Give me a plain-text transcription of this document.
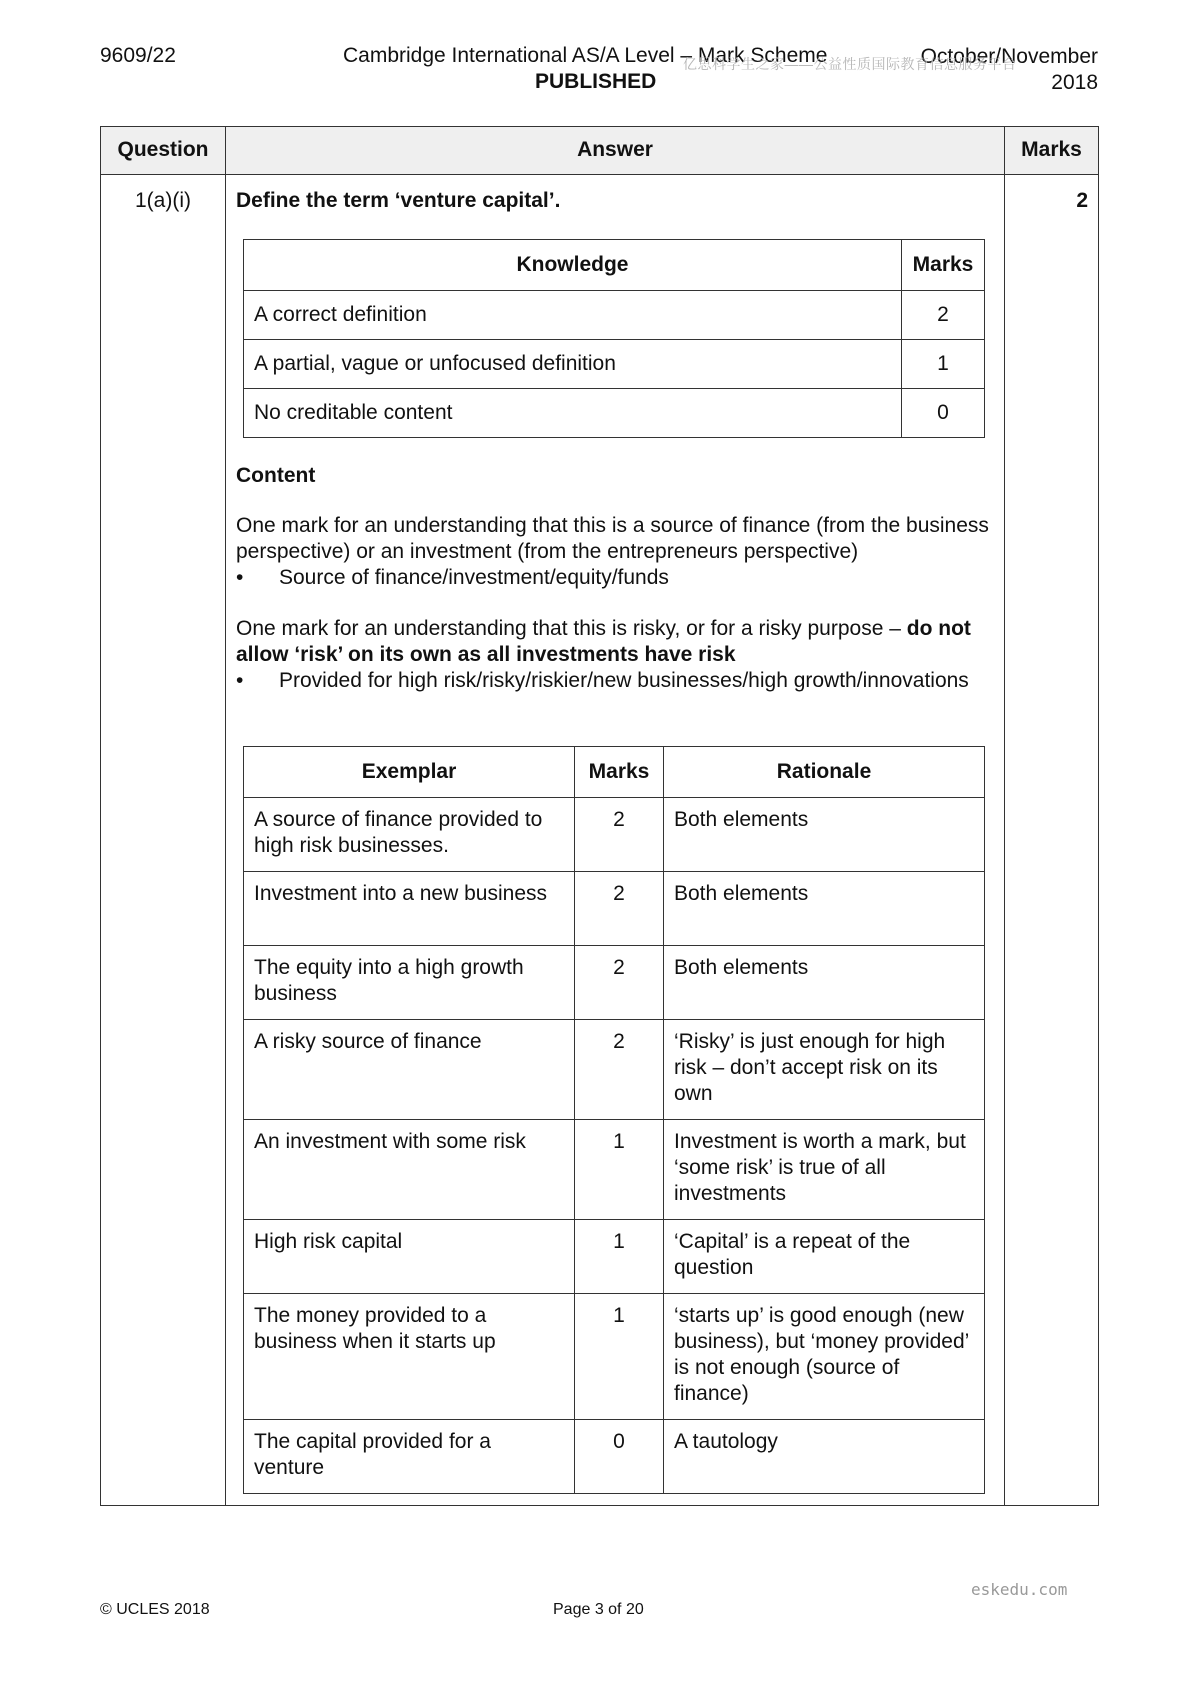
9609/22	Cambridge International AS/A Level – Mark Scheme
PUBLISHED
October/November
2018
亿思科学生之家——公益性质国际教育信息服务平台
Question	Answer	Marks
1(a)(i)	Define the term ‘venture capital’.	2
Knowledge	Marks
A correct definition	2
A partial, vague or unfocused definition	1
No creditable content	0
Content
One mark for an understanding that this is a source of finance (from the business perspective) or an investment (from the entrepreneurs perspective)
• Source of finance/investment/equity/funds
One mark for an understanding that this is risky, or for a risky purpose – do not allow ‘risk’ on its own as all investments have risk
• Provided for high risk/risky/riskier/new businesses/high growth/innovations
Exemplar	Marks	Rationale
A source of finance provided to high risk businesses.	2	Both elements
Investment into a new business	2	Both elements
The equity into a high growth business	2	Both elements
A risky source of finance	2	‘Risky’ is just enough for high risk – don’t accept risk on its own
An investment with some risk	1	Investment is worth a mark, but ‘some risk’ is true of all investments
High risk capital	1	‘Capital’ is a repeat of the question
The money provided to a business when it starts up	1	‘starts up’ is good enough (new business), but ‘money provided’ is not enough (source of finance)
The capital provided for a venture	0	A tautology
eskedu.com
© UCLES 2018	Page 3 of 20
